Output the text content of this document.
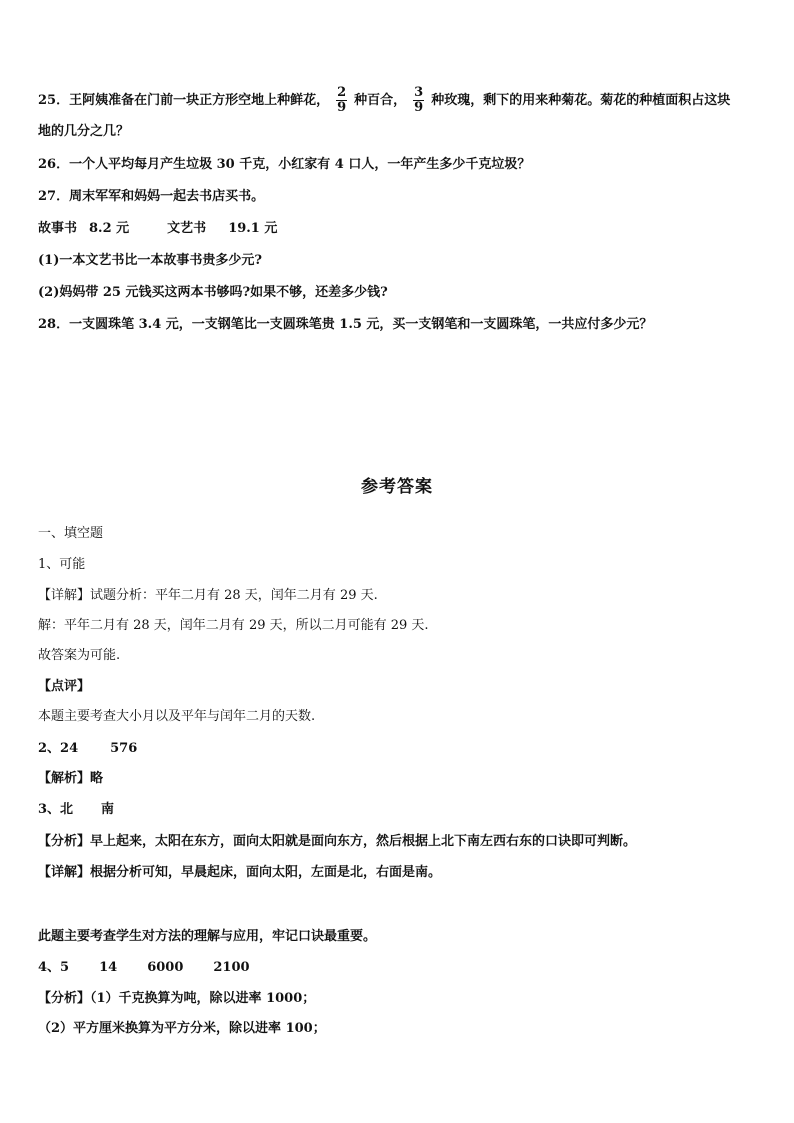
25．王阿姨准备在门前一块正方形空地上种鲜花， $\frac{2}{9}$ 种百合， $\frac{3}{9}$ 种玫瑰，剩下的用来种菊花。菊花的种植面积占这块
地的几分之几？
26．一个人平均每月产生垃圾 30 千克，小红家有 4 口人，一年产生多少千克垃圾？
27．周末军军和妈妈一起去书店买书。
故事书 8.2 元	文艺书 19.1 元
(1)一本文艺书比一本故事书贵多少元?
(2)妈妈带 25 元钱买这两本书够吗?如果不够，还差多少钱?
28．一支圆珠笔 3.4 元，一支钢笔比一支圆珠笔贵 1.5 元，买一支钢笔和一支圆珠笔，一共应付多少元？
参考答案
一、填空题
1、可能
【详解】试题分析：平年二月有 28 天，闰年二月有 29 天.
解：平年二月有 28 天，闰年二月有 29 天，所以二月可能有 29 天.
故答案为可能.
【点评】
本题主要考查大小月以及平年与闰年二月的天数.
2、24 576
【解析】略
3、北 南
【分析】早上起来，太阳在东方，面向太阳就是面向东方，然后根据上北下南左西右东的口诀即可判断。
【详解】根据分析可知，早晨起床，面向太阳，左面是北，右面是南。
此题主要考查学生对方法的理解与应用，牢记口诀最重要。
4、5 14 6000 2100
【分析】（1）千克换算为吨，除以进率 1000；
（2）平方厘米换算为平方分米，除以进率 100；
